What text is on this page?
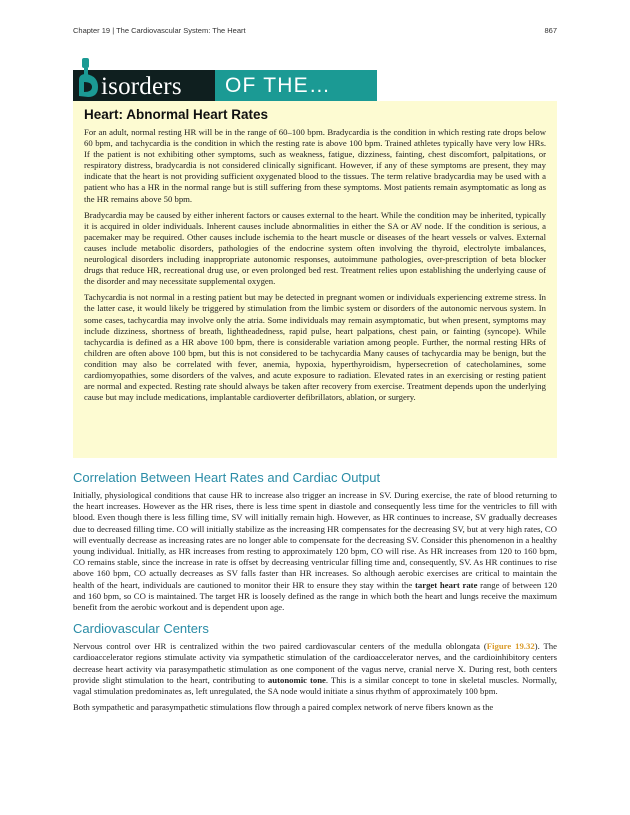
Chapter 19 | The Cardiovascular System: The Heart	867
isorders	OF THE…
Heart: Abnormal Heart Rates

For an adult, normal resting HR will be in the range of 60–100 bpm. Bradycardia is the condition in which resting rate drops below 60 bpm, and tachycardia is the condition in which the resting rate is above 100 bpm. Trained athletes typically have very low HRs. If the patient is not exhibiting other symptoms, such as weakness, fatigue, dizziness, fainting, chest discomfort, palpitations, or respiratory distress, bradycardia is not considered clinically significant. However, if any of these symptoms are present, they may indicate that the heart is not providing sufficient oxygenated blood to the tissues. The term relative bradycardia may be used with a patient who has a HR in the normal range but is still suffering from these symptoms. Most patients remain asymptomatic as long as the HR remains above 50 bpm.

Bradycardia may be caused by either inherent factors or causes external to the heart. While the condition may be inherited, typically it is acquired in older individuals. Inherent causes include abnormalities in either the SA or AV node. If the condition is serious, a pacemaker may be required. Other causes include ischemia to the heart muscle or diseases of the heart vessels or valves. External causes include metabolic disorders, pathologies of the endocrine system often involving the thyroid, electrolyte imbalances, neurological disorders including inappropriate autonomic responses, autoimmune pathologies, over-prescription of beta blocker drugs that reduce HR, recreational drug use, or even prolonged bed rest. Treatment relies upon establishing the underlying cause of the disorder and may necessitate supplemental oxygen.

Tachycardia is not normal in a resting patient but may be detected in pregnant women or individuals experiencing extreme stress. In the latter case, it would likely be triggered by stimulation from the limbic system or disorders of the autonomic nervous system. In some cases, tachycardia may involve only the atria. Some individuals may remain asymptomatic, but when present, symptoms may include dizziness, shortness of breath, lightheadedness, rapid pulse, heart palpations, chest pain, or fainting (syncope). While tachycardia is defined as a HR above 100 bpm, there is considerable variation among people. Further, the normal resting HRs of children are often above 100 bpm, but this is not considered to be tachycardia Many causes of tachycardia may be benign, but the condition may also be correlated with fever, anemia, hypoxia, hyperthyroidism, hypersecretion of catecholamines, some cardiomyopathies, some disorders of the valves, and acute exposure to radiation. Elevated rates in an exercising or resting patient are normal and expected. Resting rate should always be taken after recovery from exercise. Treatment depends upon the underlying cause but may include medications, implantable cardioverter defibrillators, ablation, or surgery.

Correlation Between Heart Rates and Cardiac Output

Initially, physiological conditions that cause HR to increase also trigger an increase in SV. During exercise, the rate of blood returning to the heart increases. However as the HR rises, there is less time spent in diastole and consequently less time for the ventricles to fill with blood. Even though there is less filling time, SV will initially remain high. However, as HR continues to increase, SV gradually decreases due to decreased filling time. CO will initially stabilize as the increasing HR compensates for the decreasing SV, but at very high rates, CO will eventually decrease as increasing rates are no longer able to compensate for the decreasing SV. Consider this phenomenon in a healthy young individual. Initially, as HR increases from resting to approximately 120 bpm, CO will rise. As HR increases from 120 to 160 bpm, CO remains stable, since the increase in rate is offset by decreasing ventricular filling time and, consequently, SV. As HR continues to rise above 160 bpm, CO actually decreases as SV falls faster than HR increases. So although aerobic exercises are critical to maintain the health of the heart, individuals are cautioned to monitor their HR to ensure they stay within the target heart rate range of between 120 and 160 bpm, so CO is maintained. The target HR is loosely defined as the range in which both the heart and lungs receive the maximum benefit from the aerobic workout and is dependent upon age.

Cardiovascular Centers

Nervous control over HR is centralized within the two paired cardiovascular centers of the medulla oblongata (Figure 19.32). The cardioaccelerator regions stimulate activity via sympathetic stimulation of the cardioaccelerator nerves, and the cardioinhibitory centers decrease heart activity via parasympathetic stimulation as one component of the vagus nerve, cranial nerve X. During rest, both centers provide slight stimulation to the heart, contributing to autonomic tone. This is a similar concept to tone in skeletal muscles. Normally, vagal stimulation predominates as, left unregulated, the SA node would initiate a sinus rhythm of approximately 100 bpm.

Both sympathetic and parasympathetic stimulations flow through a paired complex network of nerve fibers known as the
